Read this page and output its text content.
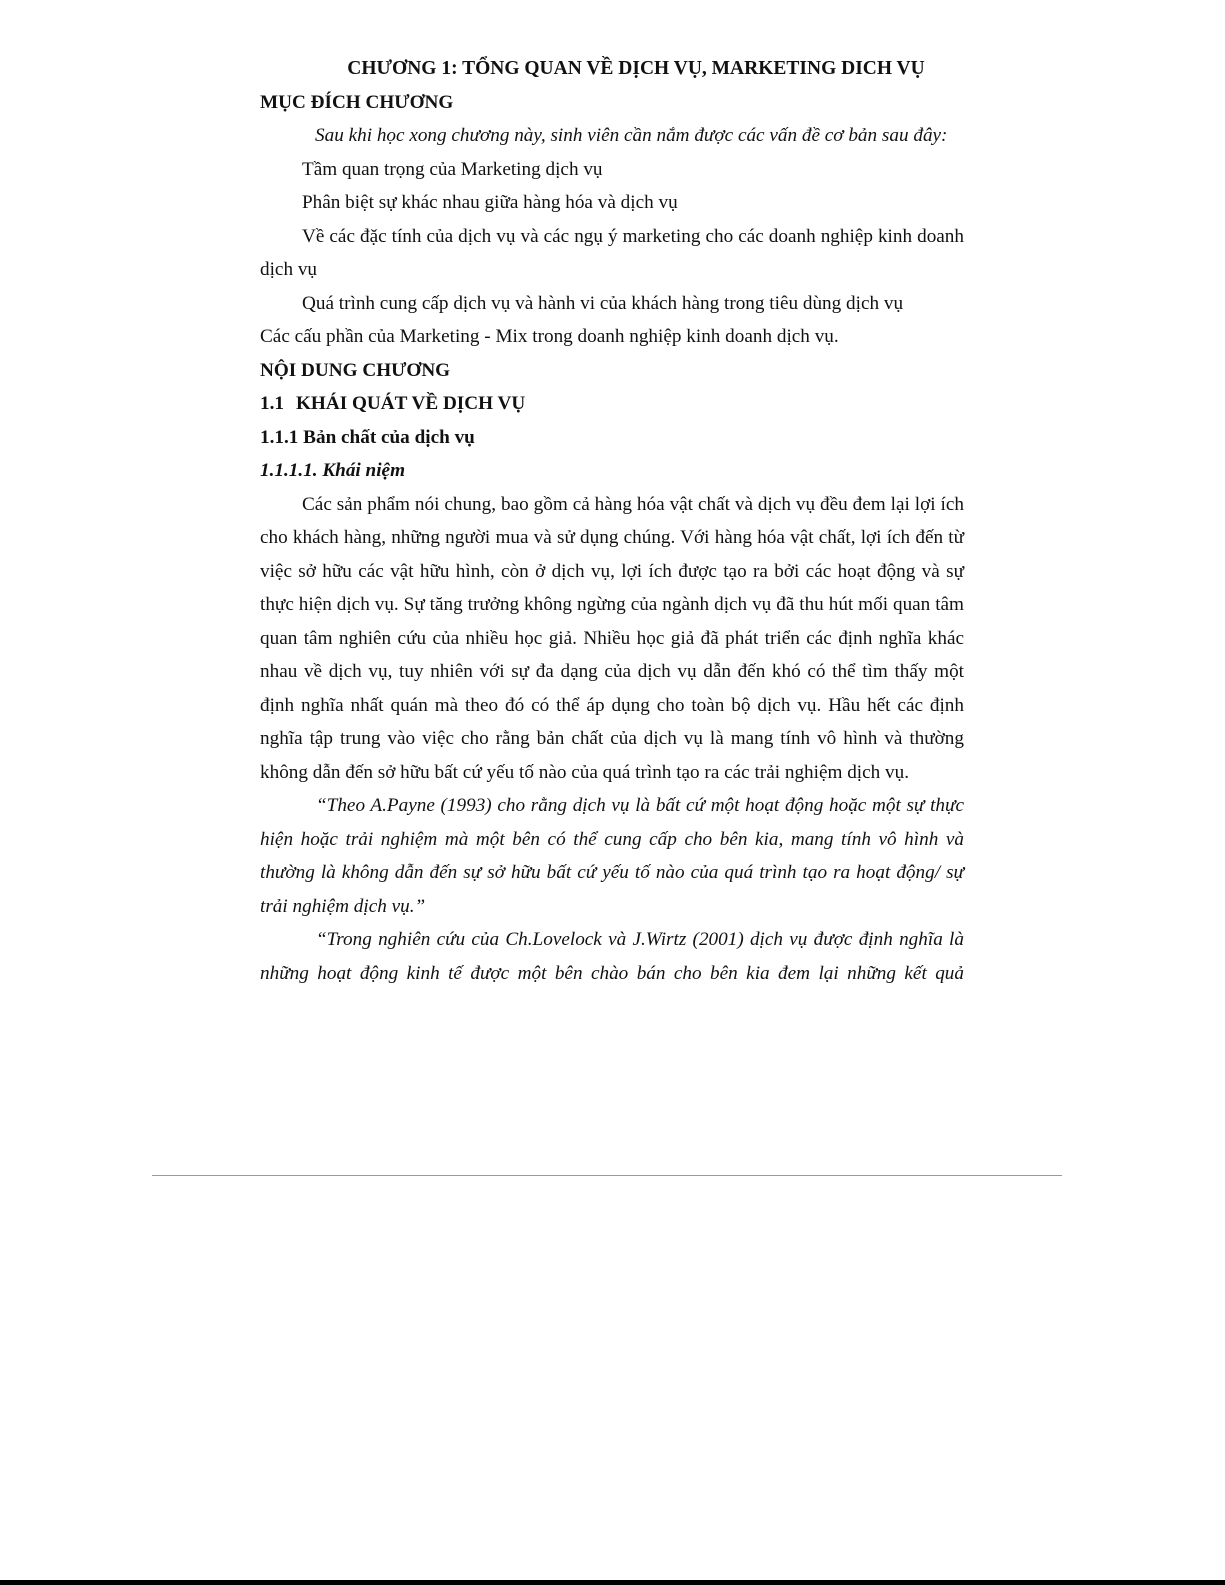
CHƯƠNG 1: TỔNG QUAN VỀ DỊCH VỤ, MARKETING DICH VỤ

MỤC ĐÍCH CHƯƠNG

Sau khi học xong chương này, sinh viên cần nắm được các vấn đề cơ bản sau đây:

Tầm quan trọng của Marketing dịch vụ

Phân biệt sự khác nhau giữa hàng hóa và dịch vụ

Về các đặc tính của dịch vụ và các ngụ ý marketing cho các doanh nghiệp kinh doanh dịch vụ

Quá trình cung cấp dịch vụ và hành vi của khách hàng trong tiêu dùng dịch vụ

Các cấu phần của Marketing - Mix trong doanh nghiệp kinh doanh dịch vụ.

NỘI DUNG CHƯƠNG

1.1 KHÁI QUÁT VỀ DỊCH VỤ

1.1.1 Bản chất của dịch vụ

1.1.1.1. Khái niệm

Các sản phẩm nói chung, bao gồm cả hàng hóa vật chất và dịch vụ đều đem lại lợi ích cho khách hàng, những người mua và sử dụng chúng. Với hàng hóa vật chất, lợi ích đến từ việc sở hữu các vật hữu hình, còn ở dịch vụ, lợi ích được tạo ra bởi các hoạt động và sự thực hiện dịch vụ. Sự tăng trưởng không ngừng của ngành dịch vụ đã thu hút mối quan tâm quan tâm nghiên cứu của nhiều học giả. Nhiều học giả đã phát triển các định nghĩa khác nhau về dịch vụ, tuy nhiên với sự đa dạng của dịch vụ dẫn đến khó có thể tìm thấy một định nghĩa nhất quán mà theo đó có thể áp dụng cho toàn bộ dịch vụ. Hầu hết các định nghĩa tập trung vào việc cho rằng bản chất của dịch vụ là mang tính vô hình và thường không dẫn đến sở hữu bất cứ yếu tố nào của quá trình tạo ra các trải nghiệm dịch vụ.

“Theo A.Payne (1993) cho rằng dịch vụ là bất cứ một hoạt động hoặc một sự thực hiện hoặc trải nghiệm mà một bên có thể cung cấp cho bên kia, mang tính vô hình và thường là không dẫn đến sự sở hữu bất cứ yếu tố nào của quá trình tạo ra hoạt động/ sự trải nghiệm dịch vụ.”

“Trong nghiên cứu của Ch.Lovelock và J.Wirtz (2001) dịch vụ được định nghĩa là những hoạt động kinh tế được một bên chào bán cho bên kia đem lại những kết quả
